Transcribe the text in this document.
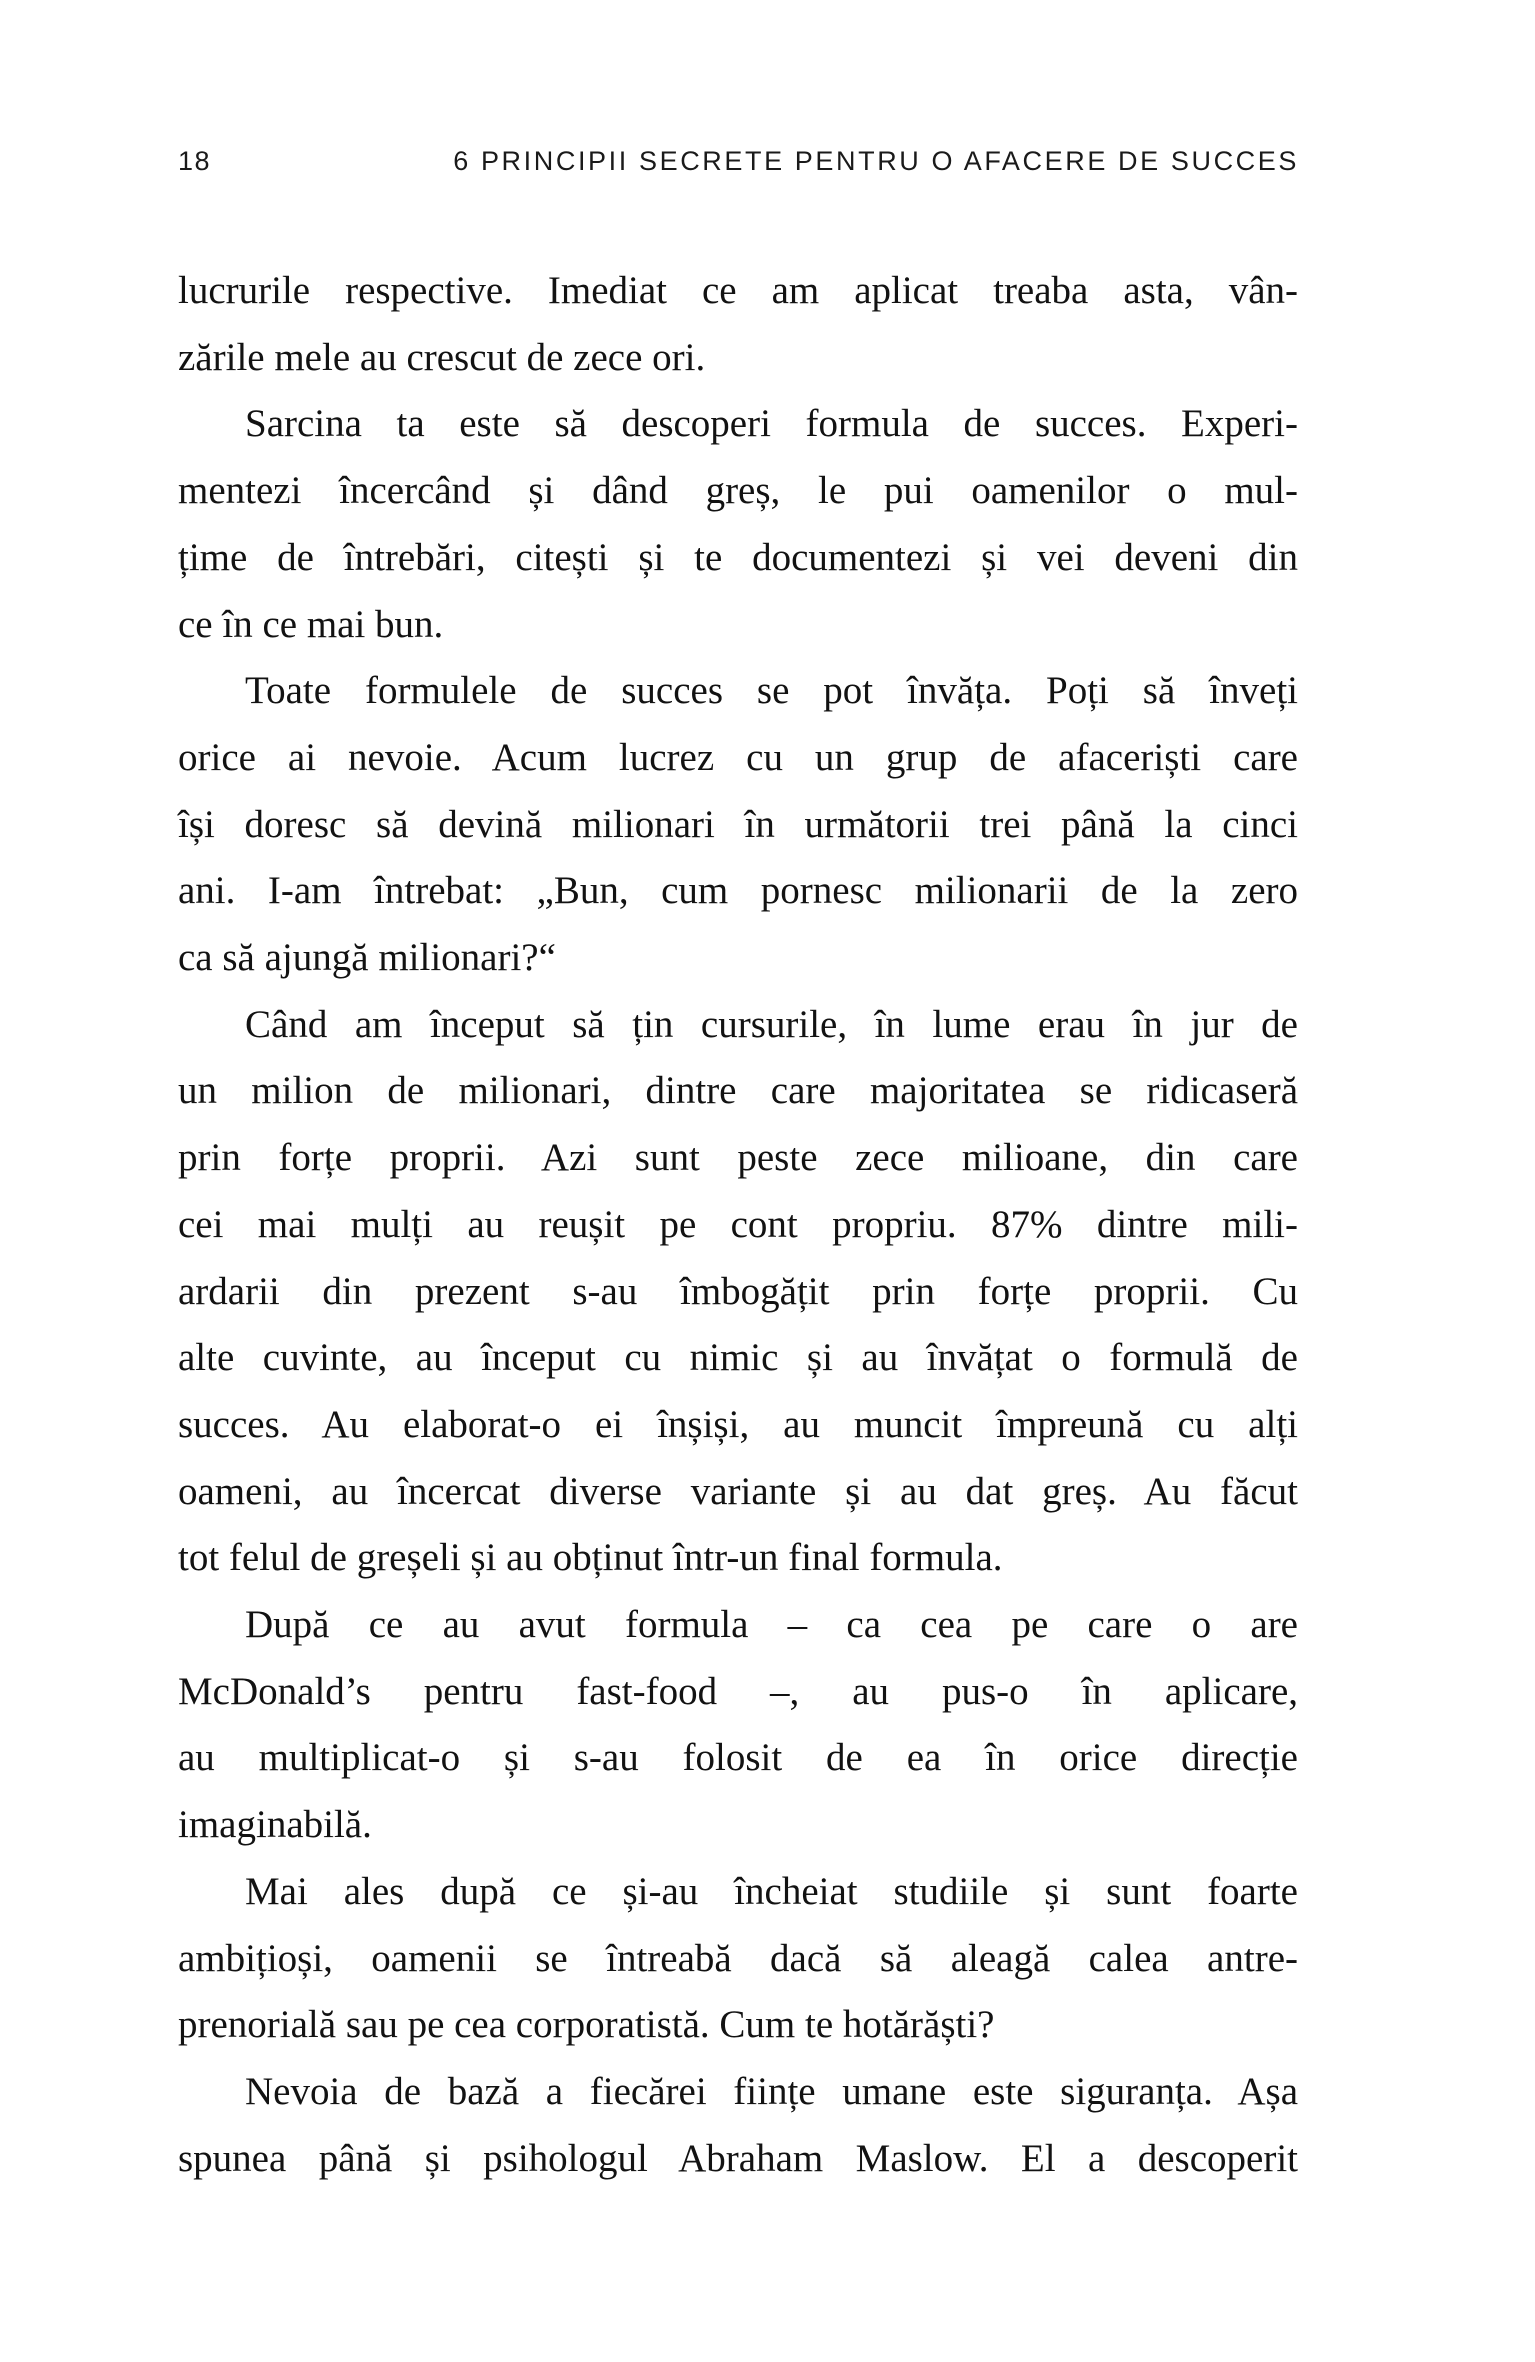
18	6 PRINCIPII SECRETE PENTRU O AFACERE DE SUCCES
lucrurile respective. Imediat ce am aplicat treaba asta, vân-
zările mele au crescut de zece ori.
Sarcina ta este să descoperi formula de succes. Experi-
mentezi încercând și dând greș, le pui oamenilor o mul-
țime de întrebări, citești și te documentezi și vei deveni din
ce în ce mai bun.
Toate formulele de succes se pot învăța. Poți să înveți
orice ai nevoie. Acum lucrez cu un grup de afaceriști care
își doresc să devină milionari în următorii trei până la cinci
ani. I-am întrebat: „Bun, cum pornesc milionarii de la zero
ca să ajungă milionari?“
Când am început să țin cursurile, în lume erau în jur de
un milion de milionari, dintre care majoritatea se ridicaseră
prin forțe proprii. Azi sunt peste zece milioane, din care
cei mai mulți au reușit pe cont propriu. 87% dintre mili-
ardarii din prezent s-au îmbogățit prin forțe proprii. Cu
alte cuvinte, au început cu nimic și au învățat o formulă de
succes. Au elaborat-o ei înșiși, au muncit împreună cu alți
oameni, au încercat diverse variante și au dat greș. Au făcut
tot felul de greșeli și au obținut într-un final formula.
După ce au avut formula – ca cea pe care o are
McDonald’s pentru fast-food –, au pus-o în aplicare,
au multiplicat-o și s-au folosit de ea în orice direcție
imaginabilă.
Mai ales după ce și-au încheiat studiile și sunt foarte
ambițioși, oamenii se întreabă dacă să aleagă calea antre-
prenorială sau pe cea corporatistă. Cum te hotărăști?
Nevoia de bază a fiecărei ființe umane este siguranța. Așa
spunea până și psihologul Abraham Maslow. El a descoperit
